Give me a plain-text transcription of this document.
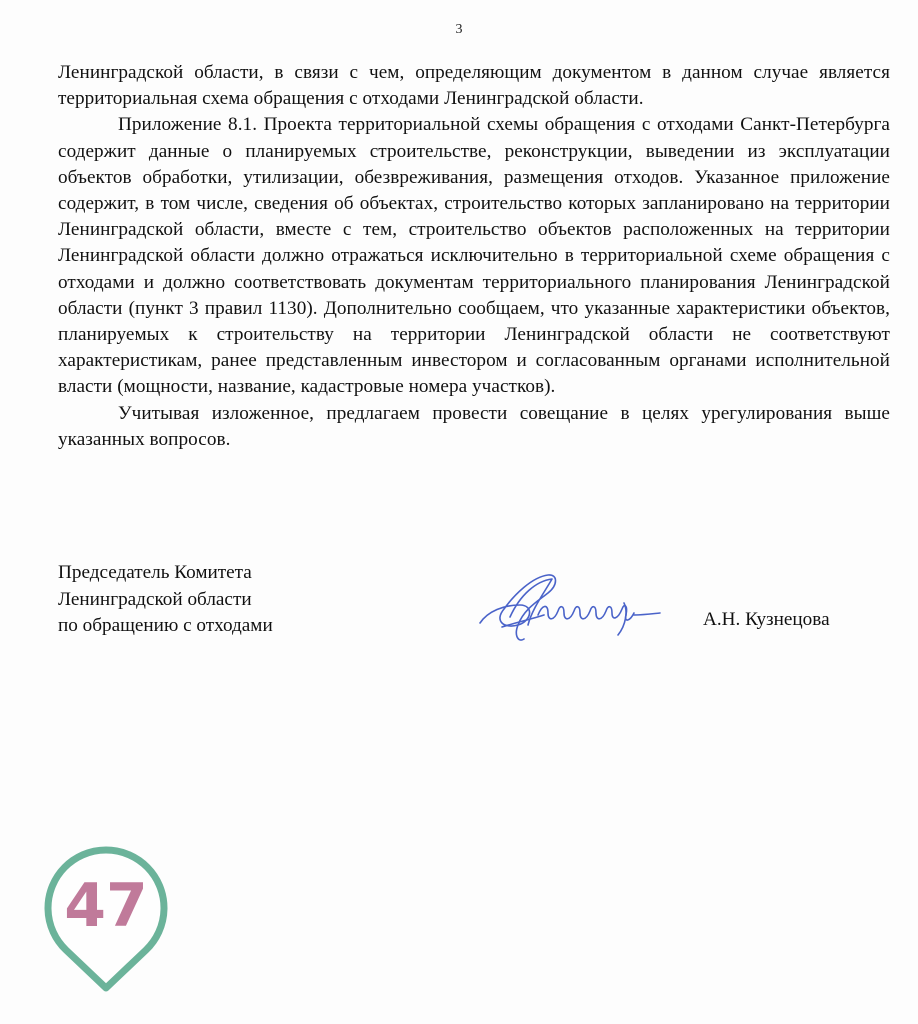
3

Ленинградской области, в связи с чем, определяющим документом в данном случае является территориальная схема обращения с отходами Ленинградской области.

Приложение 8.1. Проекта территориальной схемы обращения с отходами Санкт-Петербурга содержит данные о планируемых строительстве, реконструкции, выведении из эксплуатации объектов обработки, утилизации, обезвреживания, размещения отходов. Указанное приложение содержит, в том числе, сведения об объектах, строительство которых запланировано на территории Ленинградской области, вместе с тем, строительство объектов расположенных на территории Ленинградской области должно отражаться исключительно в территориальной схеме обращения с отходами и должно соответствовать документам территориального планирования Ленинградской области (пункт 3 правил 1130). Дополнительно сообщаем, что указанные характеристики объектов, планируемых к строительству на территории Ленинградской области не соответствуют характеристикам, ранее представленным инвестором и согласованным органами исполнительной власти (мощности, название, кадастровые номера участков).

Учитывая изложенное, предлагаем провести совещание в целях урегулирования выше указанных вопросов.

Председатель Комитета
Ленинградской области
по обращению с отходами	А.Н. Кузнецова
47
